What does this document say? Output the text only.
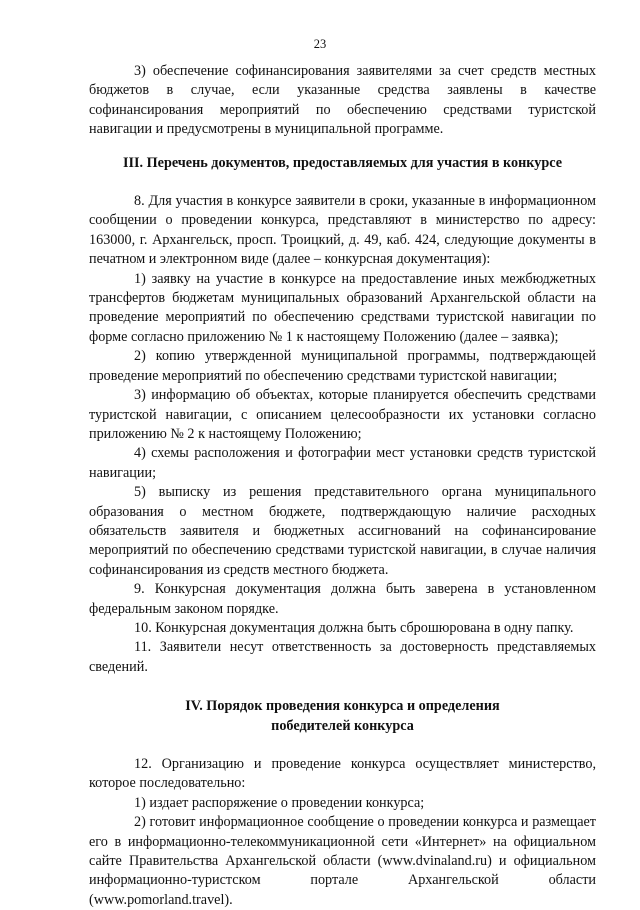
23

3) обеспечение софинансирования заявителями за счет средств местных бюджетов в случае, если указанные средства заявлены в качестве софинансирования мероприятий по обеспечению средствами туристской навигации и предусмотрены в муниципальной программе.

III. Перечень документов, предоставляемых для участия в конкурсе

8. Для участия в конкурсе заявители в сроки, указанные в информационном сообщении о проведении конкурса, представляют в министерство по адресу: 163000, г. Архангельск, просп. Троицкий, д. 49, каб. 424, следующие документы в печатном и электронном виде (далее – конкурсная документация):

1) заявку на участие в конкурсе на предоставление иных межбюджетных трансфертов бюджетам муниципальных образований Архангельской области на проведение мероприятий по обеспечению средствами туристской навигации по форме согласно приложению № 1 к настоящему Положению (далее – заявка);

2) копию утвержденной муниципальной программы, подтверждающей проведение мероприятий по обеспечению средствами туристской навигации;

3) информацию об объектах, которые планируется обеспечить средствами туристской навигации, с описанием целесообразности их установки согласно приложению № 2 к настоящему Положению;

4) схемы расположения и фотографии мест установки средств туристской навигации;

5) выписку из решения представительного органа муниципального образования о местном бюджете, подтверждающую наличие расходных обязательств заявителя и бюджетных ассигнований на софинансирование мероприятий по обеспечению средствами туристской навигации, в случае наличия софинансирования из средств местного бюджета.

9. Конкурсная документация должна быть заверена в установленном федеральным законом порядке.

10. Конкурсная документация должна быть сброшюрована в одну папку.

11. Заявители несут ответственность за достоверность представляемых сведений.

IV. Порядок проведения конкурса и определения
победителей конкурса

12. Организацию и проведение конкурса осуществляет министерство, которое последовательно:

1) издает распоряжение о проведении конкурса;

2) готовит информационное сообщение о проведении конкурса и размещает его в информационно-телекоммуникационной сети «Интернет» на официальном сайте Правительства Архангельской области (www.dvinaland.ru) и официальном информационно-туристском портале Архангельской области (www.pomorland.travel).
